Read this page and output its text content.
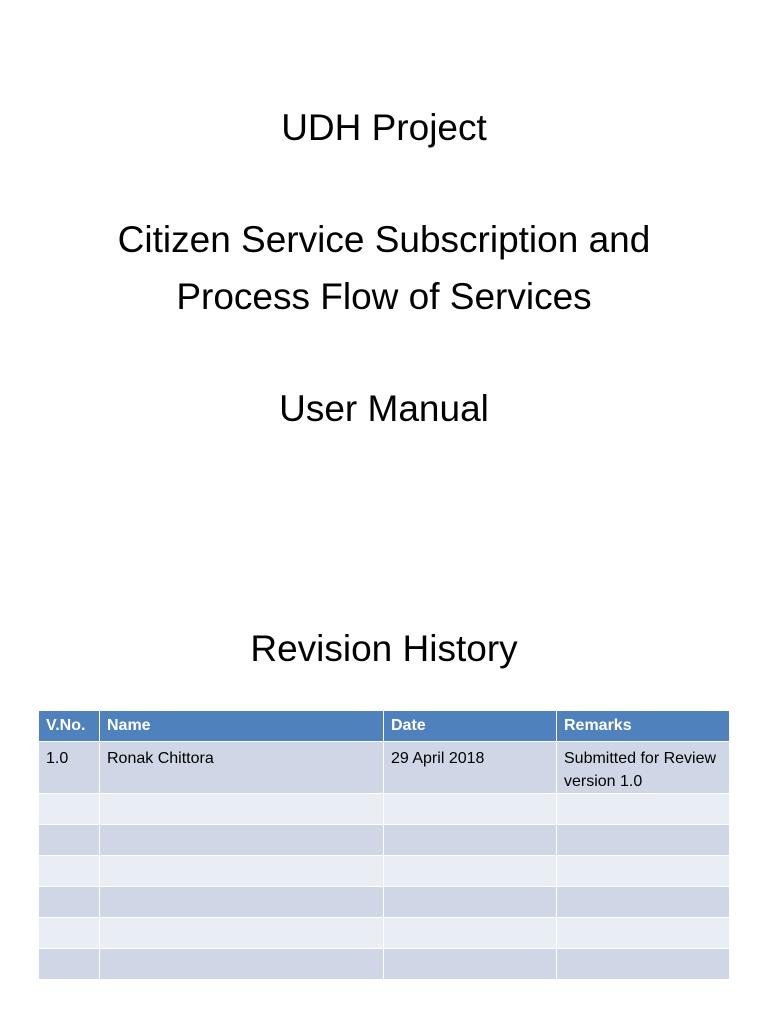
UDH Project
Citizen Service Subscription and
Process Flow of Services
User Manual
Revision History
V.No.	Name	Date	Remarks
1.0	Ronak Chittora	29 April 2018	Submitted for Review version 1.0
